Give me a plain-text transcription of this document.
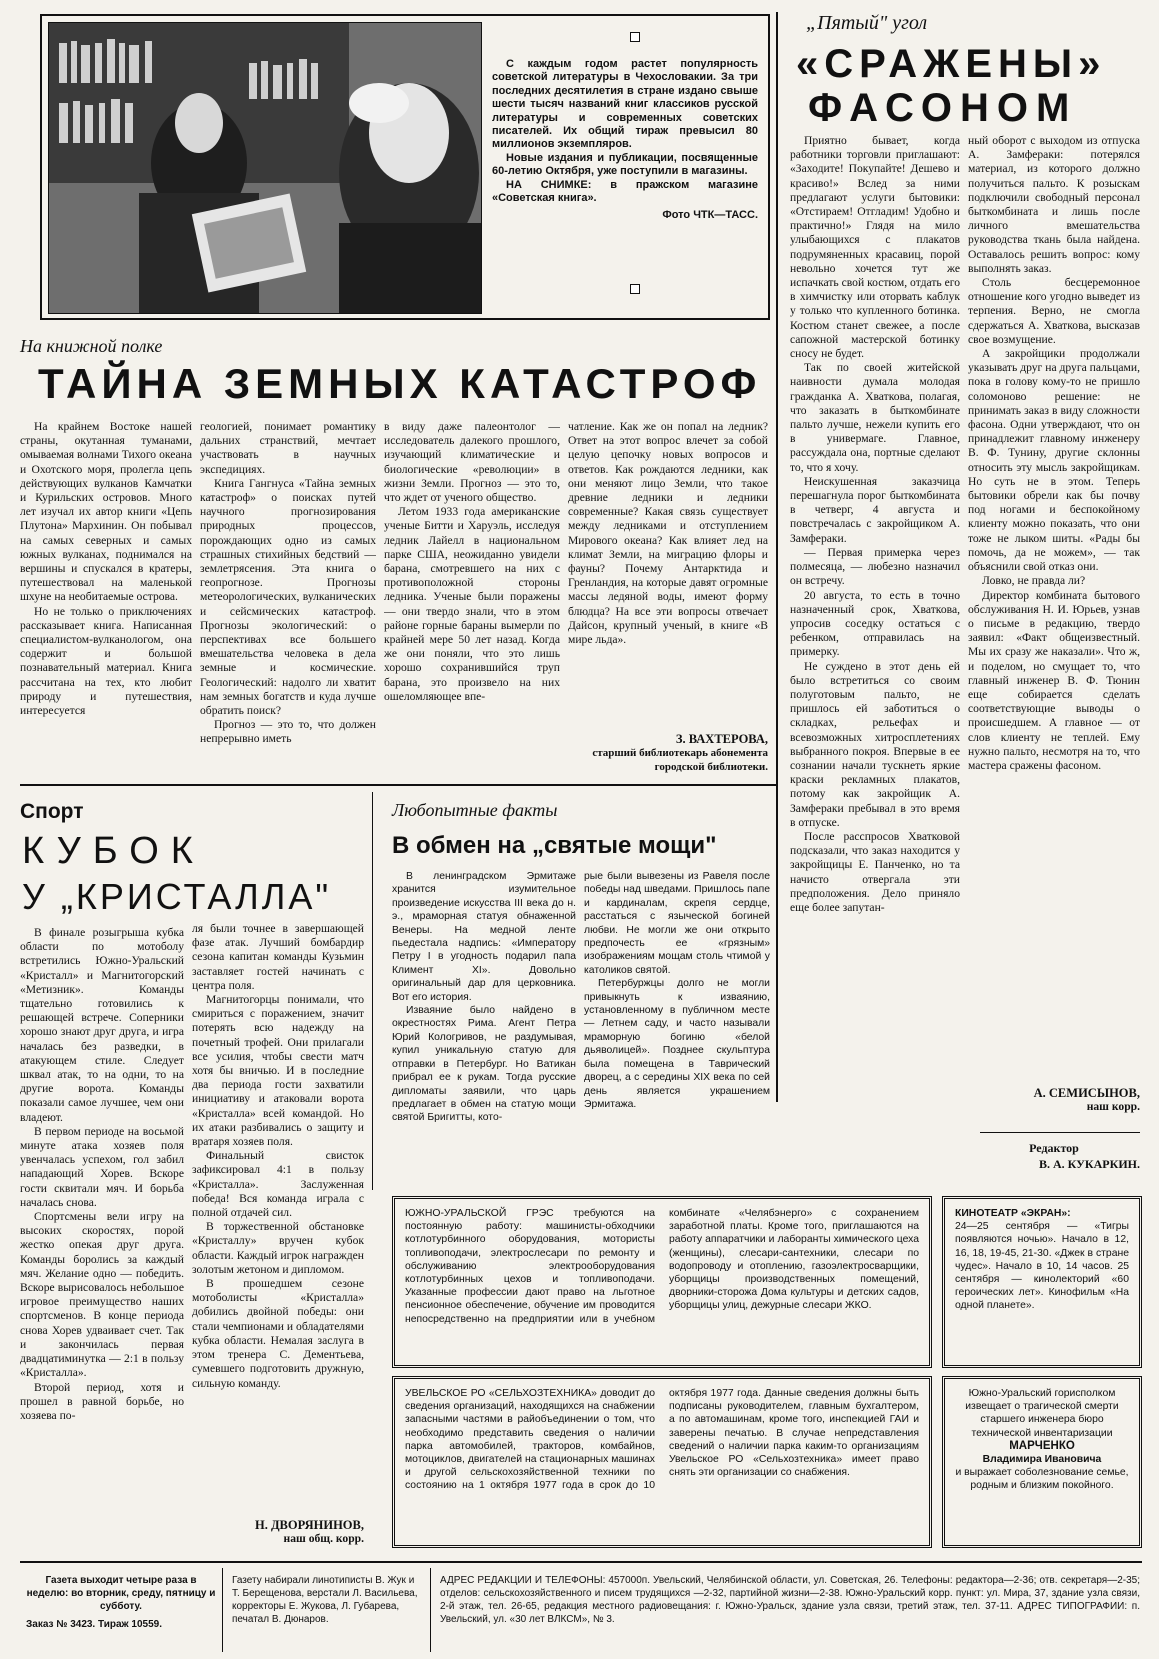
С каждым годом растет популярность советской литературы в Чехословакии. За три последних десятилетия в стране издано свыше шести тысяч названий книг классиков русской литературы и современных советских писателей. Их общий тираж превысил 80 миллионов экземпляров.

Новые издания и публикации, посвященные 60-летию Октября, уже поступили в магазины.

НА СНИМКЕ: в пражском магазине «Советская книга».

Фото ЧТК—ТАСС.
На книжной полке
ТАЙНА ЗЕМНЫХ КАТАСТРОФ

На крайнем Востоке нашей страны, окутанная туманами, омываемая волнами Тихого океана и Охотского моря, пролегла цепь действующих вулканов Камчатки и Курильских островов. Много лет изучал их автор книги «Цепь Плутона» Мархинин. Он побывал на самых северных и самых южных вулканах, поднимался на вершины и спускался в кратеры, путешествовал на маленькой шхуне на необитаемые острова.

Но не только о приключениях рассказывает книга. Написанная специалистом-вулканологом, она содержит и большой познавательный материал. Книга рассчитана на тех, кто любит природу и путешествия, интересуется

геологией, понимает романтику дальних странствий, мечтает участвовать в научных экспедициях.

Книга Гангнуса «Тайна земных катастроф» о поисках путей научного прогнозирования природных процессов, порождающих одно из самых страшных стихийных бедствий — землетрясения. Эта книга о геопрогнозе. Прогнозы метеорологических, вулканических и сейсмических катастроф. Прогнозы экологический: о перспективах все большего вмешательства человека в дела земные и космические. Геологический: надолго ли хватит нам земных богатств и куда лучше обратить поиск?

Прогноз — это то, что должен непрерывно иметь

в виду даже палеонтолог — исследователь далекого прошлого, изучающий климатические и биологические «революции» в жизни Земли. Прогноз — это то, что ждет от ученого общество.

Летом 1933 года американские ученые Битти и Харуэль, исследуя ледник Лайелл в национальном парке США, неожиданно увидели барана, смотревшего на них с противоположной стороны ледника. Ученые были поражены — они твердо знали, что в этом районе горные бараны вымерли по крайней мере 50 лет назад. Когда же они поняли, что это лишь хорошо сохранившийся труп барана, это произвело на них ошеломляющее впе-

чатление. Как же он попал на ледник? Ответ на этот вопрос влечет за собой целую цепочку новых вопросов и ответов. Как рождаются ледники, как они меняют лицо Земли, что такое древние ледники и ледники современные? Какая связь существует между ледниками и отступлением Мирового океана? Как влияет лед на климат Земли, на миграцию флоры и фауны? Почему Антарктида и Гренландия, на которые давят огромные массы ледяной воды, имеют форму блюдца? На все эти вопросы отвечает Дайсон, крупный ученый, в книге «В мире льда».

З. ВАХТЕРОВА,
старший библиотекарь абонемента городской библиотеки.
Спорт
КУБОК
У „КРИСТАЛЛА"

В финале розыгрыша кубка области по мотоболу встретились Южно-Уральский «Кристалл» и Магнитогорский «Метизник». Команды тщательно готовились к решающей встрече. Соперники хорошо знают друг друга, и игра началась без разведки, в атакующем стиле. Следует шквал атак, то на одни, то на другие ворота. Команды показали самое лучшее, чем они владеют.

В первом периоде на восьмой минуте атака хозяев поля увенчалась успехом, гол забил нападающий Хорев. Вскоре гости сквитали мяч. И борьба началась снова.

Спортсмены вели игру на высоких скоростях, порой жестко опекая друг друга. Команды боролись за каждый мяч. Желание одно — победить. Вскоре вырисовалось небольшое игровое преимущество наших спортсменов. В конце периода снова Хорев удваивает счет. Так и закончилась первая двадцатиминутка — 2:1 в пользу «Кристалла».

Второй период, хотя и прошел в равной борьбе, но хозяева по-

ля были точнее в завершающей фазе атак. Лучший бомбардир сезона капитан команды Кузьмин заставляет гостей начинать с центра поля.

Магнитогорцы понимали, что смириться с поражением, значит потерять всю надежду на почетный трофей. Они прилагали все усилия, чтобы свести матч хотя бы вничью. И в последние два периода гости захватили инициативу и атаковали ворота «Кристалла» всей командой. Но их атаки разбивались о защиту и вратаря хозяев поля.

Финальный свисток зафиксировал 4:1 в пользу «Кристалла». Заслуженная победа! Вся команда играла с полной отдачей сил.

В торжественной обстановке «Кристаллу» вручен кубок области. Каждый игрок награжден золотым жетоном и дипломом.

В прошедшем сезоне мотоболисты «Кристалла» добились двойной победы: они стали чемпионами и обладателями кубка области. Немалая заслуга в этом тренера С. Дементьева, сумевшего подготовить дружную, сильную команду.

Н. ДВОРЯНИНОВ,
наш общ. корр.
Любопытные факты
В обмен на „святые мощи"

В ленинградском Эрмитаже хранится изумительное произведение искусства III века до н. э., мраморная статуя обнаженной Венеры. На медной ленте пьедестала надпись: «Императору Петру I в угодность подарил папа Климент XI». Довольно оригинальный дар для церковника. Вот его история.

Изваяние было найдено в окрестностях Рима. Агент Петра Юрий Кологривов, не раздумывая, купил уникальную статую для отправки в Петербург. Но Ватикан прибрал ее к рукам. Тогда русские дипломаты заявили, что царь предлагает в обмен на статую мощи святой Бригитты, кото-

рые были вывезены из Равеля после победы над шведами. Пришлось папе и кардиналам, скрепя сердце, расстаться с языческой богиней любви. Не могли же они открыто предпочесть ее «грязным» изображениям мощам столь чтимой у католиков святой.

Петербуржцы долго не могли привыкнуть к изваянию, установленному в публичном месте — Летнем саду, и часто называли мраморную богиню «белой дьяволицей». Позднее скульптура была помещена в Таврический дворец, а с середины XIX века по сей день является украшением Эрмитажа.

„Пятый" угол
«СРАЖЕНЫ»
ФАСОНОМ

Приятно бывает, когда работники торговли приглашают: «Заходите! Покупайте! Дешево и красиво!» Вслед за ними предлагают услуги бытовики: «Отстираем! Отгладим! Удобно и практично!» Глядя на мило улыбающихся с плакатов подрумяненных красавиц, порой невольно хочется тут же испачкать свой костюм, отдать его в химчистку или оторвать каблук у только что купленного ботинка. Костюм станет свежее, а после сапожной мастерской ботинку сносу не будет.

Так по своей житейской наивности думала молодая гражданка А. Хваткова, полагая, что заказать в быткомбинате пальто лучше, нежели купить его в универмаге. Главное, рассуждала она, портные сделают то, что я хочу.

Неискушенная заказчица перешагнула порог быткомбината в четверг, 4 августа и повстречалась с закройщиком А. Замфераки.

— Первая примерка через полмесяца, — любезно назначил он встречу.

20 августа, то есть в точно назначенный срок, Хваткова, упросив соседку остаться с ребенком, отправилась на примерку.

Не суждено в этот день ей было встретиться со своим полуготовым пальто, не пришлось ей заботиться о складках, рельефах и всевозможных хитросплетениях выбранного покроя. Впервые в ее сознании начали тускнеть яркие краски рекламных плакатов, потому как закройщик А. Замфераки пребывал в это время в отпуске.

После расспросов Хватковой подсказали, что заказ находится у закройщицы Е. Панченко, но та начисто отвергала эти предположения. Дело приняло еще более запутан-

ный оборот с выходом из отпуска А. Замфераки: потерялся материал, из которого должно получиться пальто. К розыскам подключили свободный персонал быткомбината и лишь после личного вмешательства руководства ткань была найдена. Оставалось решить вопрос: кому выполнять заказ.

Столь бесцеремонное отношение кого угодно выведет из терпения. Верно, не смогла сдержаться А. Хваткова, высказав свое возмущение.

А закройщики продолжали указывать друг на друга пальцами, пока в голову кому-то не пришло соломоново решение: не принимать заказ в виду сложности фасона. Одни утверждают, что он принадлежит главному инженеру В. Ф. Тунину, другие склонны относить эту мысль закройщикам. Но суть не в этом. Теперь бытовики обрели как бы почву под ногами и беспокойному клиенту можно показать, что они тоже не лыком шиты. «Рады бы помочь, да не можем», — так объяснили свой отказ они.

Ловко, не правда ли?

Директор комбината бытового обслуживания Н. И. Юрьев, узнав о письме в редакцию, твердо заявил: «Факт общеизвестный. Мы их сразу же наказали». Что ж, и поделом, но смущает то, что главный инженер В. Ф. Тюнин еще собирается сделать соответствующие выводы о происшедшем. А главное — от слов клиенту не теплей. Ему нужно пальто, несмотря на то, что мастера сражены фасоном.

А. СЕМИСЫНОВ,
наш корр.
Редактор
В. А. КУКАРКИН.
ЮЖНО-УРАЛЬСКОЙ ГРЭС требуются на постоянную работу: машинисты-обходчики котлотурбинного оборудования, мотористы топливоподачи, электрослесари по ремонту и обслуживанию электрооборудования котлотурбинных цехов и топливоподачи. Указанные профессии дают право на льготное пенсионное обеспечение, обучение им проводится непосредственно на предприятии или в учебном комбинате «Челябэнерго» с сохранением заработной платы. Кроме того, приглашаются на работу аппаратчики и лаборанты химического цеха (женщины), слесари-сантехники, слесари по водопроводу и отоплению, газоэлектросварщики, уборщицы производственных помещений, дворники-сторожа Дома культуры и детских садов, уборщицы улиц, дежурные слесари ЖКО.
УВЕЛЬСКОЕ РО «СЕЛЬХОЗТЕХНИКА» доводит до сведения организаций, находящихся на снабжении запасными частями в райобъединении о том, что необходимо представить сведения о наличии парка автомобилей, тракторов, комбайнов, мотоциклов, двигателей на стационарных машинах и другой сельскохозяйственной техники по состоянию на 1 октября 1977 года в срок до 10 октября 1977 года. Данные сведения должны быть подписаны руководителем, главным бухгалтером, а по автомашинам, кроме того, инспекцией ГАИ и заверены печатью. В случае непредставления сведений о наличии парка каким-то организациям Увельское РО «Сельхозтехника» имеет право снять эти организации со снабжения.
КИНОТЕАТР «ЭКРАН»:
24—25 сентября — «Тигры появляются ночью». Начало в 12, 16, 18, 19-45, 21-30. «Джек в стране чудес». Начало в 10, 14 часов. 25 сентября — кинолекторий «60 героических лет». Кинофильм «На одной планете».
Южно-Уральский горисполком извещает о трагической смерти старшего инженера бюро технической инвентаризации
МАРЧЕНКО
Владимира Ивановича
и выражает соболезнование семье, родным и близким покойного.
Газета выходит четыре раза в неделю: во вторник, среду, пятницу и субботу.
Заказ № 3423. Тираж 10559.
Газету набирали линотиписты В. Жук и Т. Берещенова, верстали Л. Васильева, корректоры Е. Жукова, Л. Губарева, печатал В. Дюнаров.
АДРЕС РЕДАКЦИИ И ТЕЛЕФОНЫ: 457000п. Увельский, Челябинской области, ул. Советская, 26. Телефоны: редактора—2-36; отв. секретаря—2-35; отделов: сельскохозяйственного и писем трудящихся —2-32, партийной жизни—2-38. Южно-Уральский корр. пункт: ул. Мира, 37, здание узла связи, 2-й этаж, тел. 26-65, редакция местного радиовещания: г. Южно-Уральск, здание узла связи, третий этаж, тел. 37-11. АДРЕС ТИПОГРАФИИ: п. Увельский, ул. «30 лет ВЛКСМ», № 3.
